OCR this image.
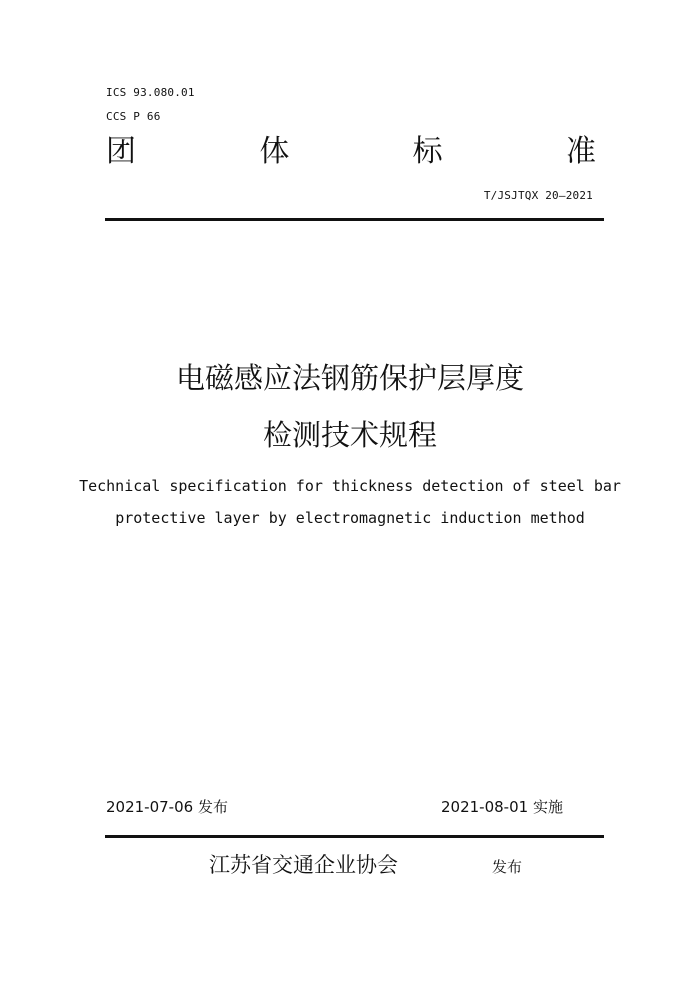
ICS 93.080.01
CCS P 66
团	体	标	准
T/JSJTQX 20—2021
电磁感应法钢筋保护层厚度
检测技术规程
Technical specification for thickness detection of steel bar
protective layer by electromagnetic induction method
2021-07-06 发布	2021-08-01 实施
江苏省交通企业协会	发布
